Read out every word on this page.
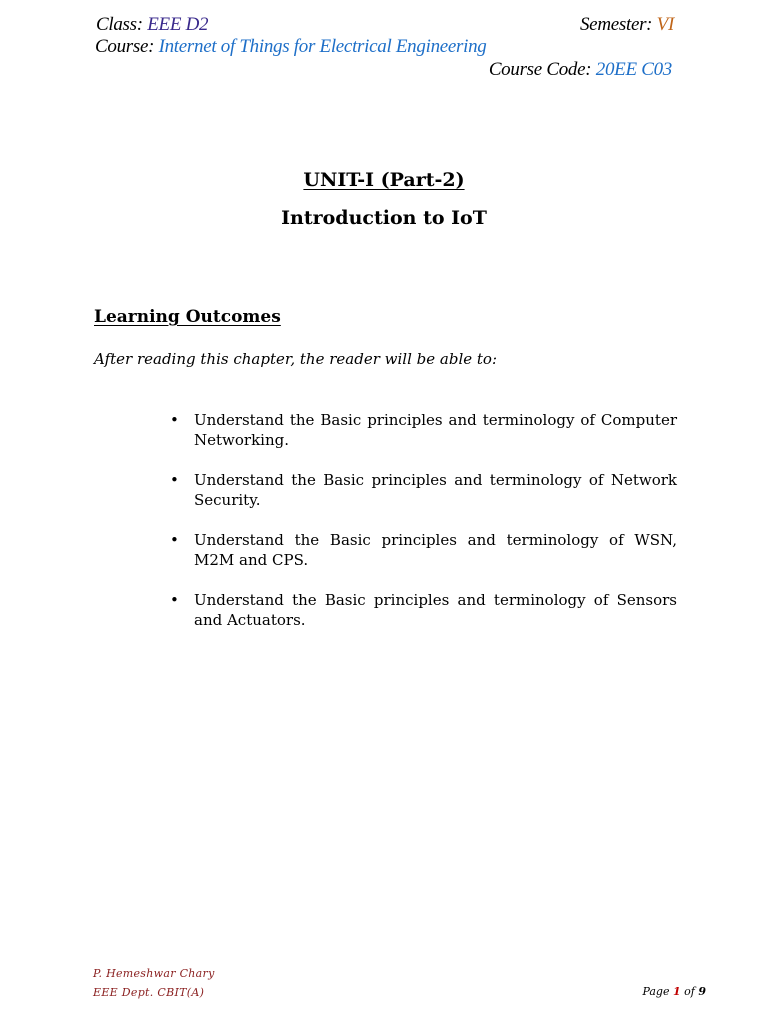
Class: EEE D2	Semester: VI
Course: Internet of Things for Electrical Engineering
Course Code: 20EE C03
UNIT-I (Part-2)
Introduction to IoT
Learning Outcomes
After reading this chapter, the reader will be able to:
• Understand the Basic principles and terminology of Computer Networking.
• Understand the Basic principles and terminology of Network Security.
• Understand the Basic principles and terminology of WSN, M2M and CPS.
• Understand the Basic principles and terminology of Sensors and Actuators.
P. Hemeshwar Chary
EEE Dept. CBIT(A)	Page 1 of 9
